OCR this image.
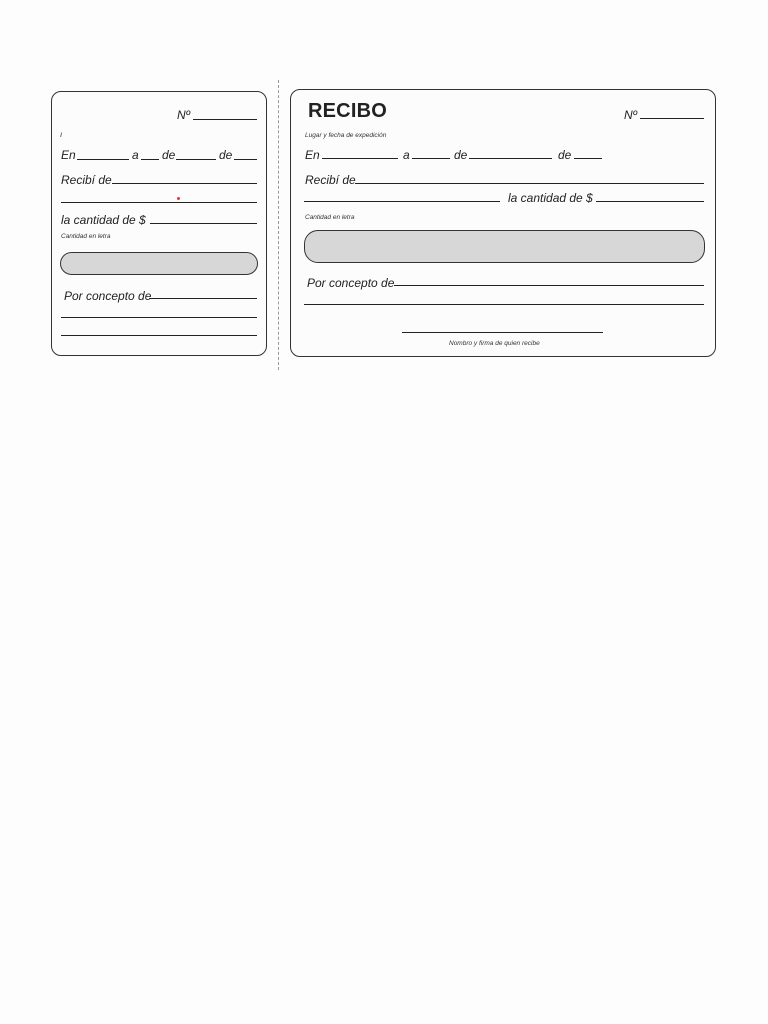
Nº
ı
En	a de	de
Recibí de
la cantidad de $
Cantidad en letra
Por concepto de
RECIBO	Nº
Lugar y fecha de expedición
En	a	de	de
Recibí de
la cantidad de $
Cantidad en letra
Por concepto de
Nombro y firma de quien recibe
